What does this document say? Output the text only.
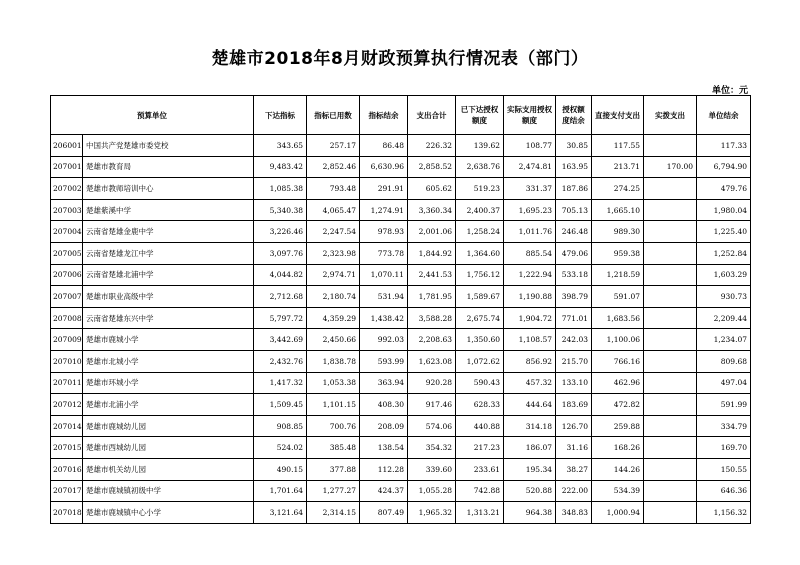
楚雄市2018年8月财政预算执行情况表（部门）
单位：元
预算单位		下达指标	指标已用数	指标结余	支出合计	已下达授权额度	实际支用授权额度	授权额度结余	直接支付支出	实拨支出	单位结余
206001	中国共产党楚雄市委党校	343.65	257.17	86.48	226.32	139.62	108.77	30.85	117.55		117.33
207001	楚雄市教育局	9,483.42	2,852.46	6,630.96	2,858.52	2,638.76	2,474.81	163.95	213.71	170.00	6,794.90
207002	楚雄市教师培训中心	1,085.38	793.48	291.91	605.62	519.23	331.37	187.86	274.25		479.76
207003	楚雄紫溪中学	5,340.38	4,065.47	1,274.91	3,360.34	2,400.37	1,695.23	705.13	1,665.10		1,980.04
207004	云南省楚雄金鹿中学	3,226.46	2,247.54	978.93	2,001.06	1,258.24	1,011.76	246.48	989.30		1,225.40
207005	云南省楚雄龙江中学	3,097.76	2,323.98	773.78	1,844.92	1,364.60	885.54	479.06	959.38		1,252.84
207006	云南省楚雄北浦中学	4,044.82	2,974.71	1,070.11	2,441.53	1,756.12	1,222.94	533.18	1,218.59		1,603.29
207007	楚雄市职业高级中学	2,712.68	2,180.74	531.94	1,781.95	1,589.67	1,190.88	398.79	591.07		930.73
207008	云南省楚雄东兴中学	5,797.72	4,359.29	1,438.42	3,588.28	2,675.74	1,904.72	771.01	1,683.56		2,209.44
207009	楚雄市鹿城小学	3,442.69	2,450.66	992.03	2,208.63	1,350.60	1,108.57	242.03	1,100.06		1,234.07
207010	楚雄市北城小学	2,432.76	1,838.78	593.99	1,623.08	1,072.62	856.92	215.70	766.16		809.68
207011	楚雄市环城小学	1,417.32	1,053.38	363.94	920.28	590.43	457.32	133.10	462.96		497.04
207012	楚雄市北浦小学	1,509.45	1,101.15	408.30	917.46	628.33	444.64	183.69	472.82		591.99
207014	楚雄市鹿城幼儿园	908.85	700.76	208.09	574.06	440.88	314.18	126.70	259.88		334.79
207015	楚雄市西城幼儿园	524.02	385.48	138.54	354.32	217.23	186.07	31.16	168.26		169.70
207016	楚雄市机关幼儿园	490.15	377.88	112.28	339.60	233.61	195.34	38.27	144.26		150.55
207017	楚雄市鹿城镇初级中学	1,701.64	1,277.27	424.37	1,055.28	742.88	520.88	222.00	534.39		646.36
207018	楚雄市鹿城镇中心小学	3,121.64	2,314.15	807.49	1,965.32	1,313.21	964.38	348.83	1,000.94		1,156.32
